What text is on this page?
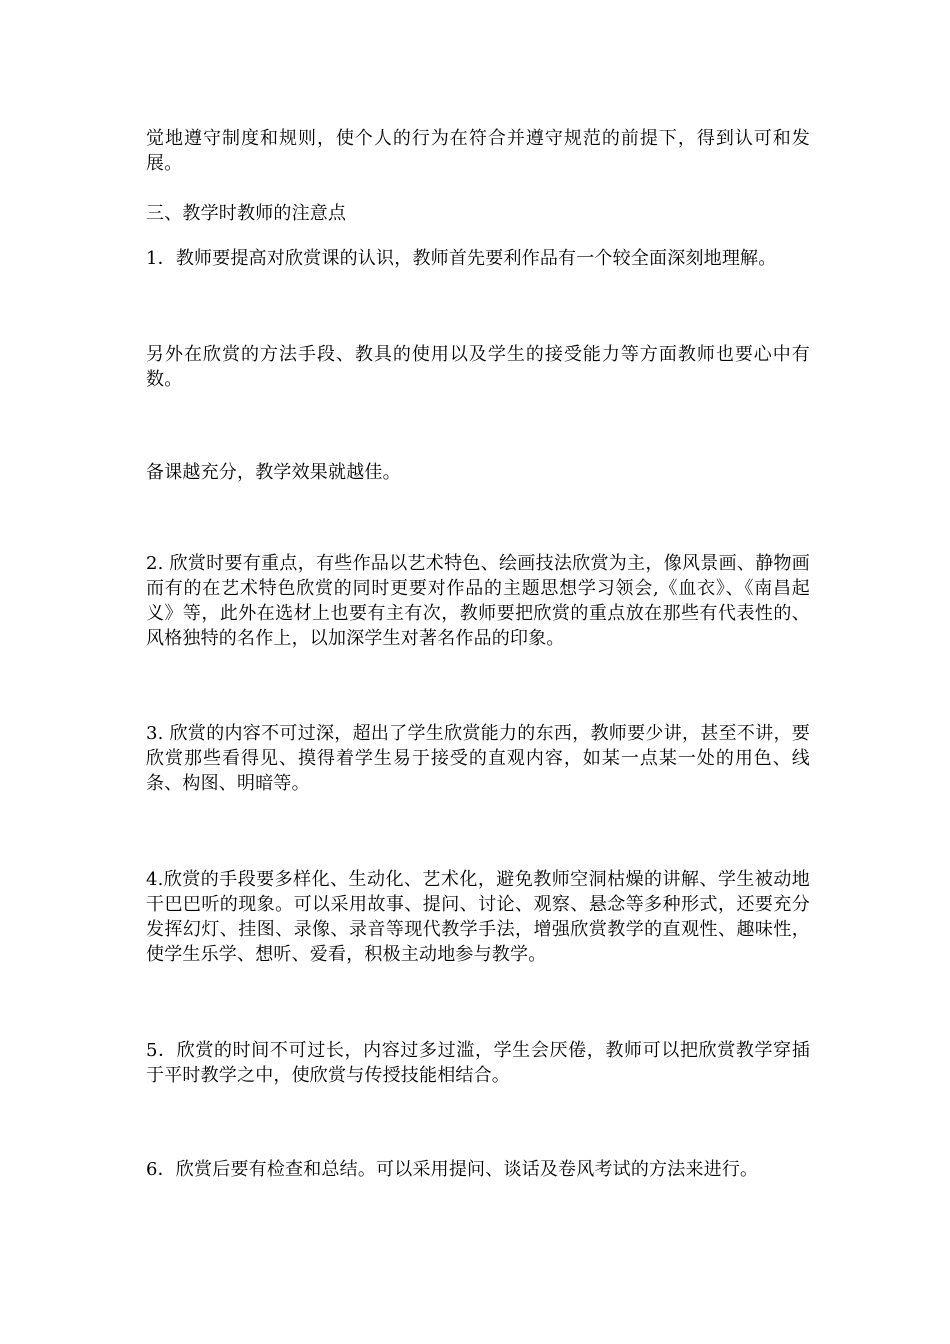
觉地遵守制度和规则，使个人的行为在符合并遵守规范的前提下，得到认可和发展。

三、教学时教师的注意点

1．教师要提高对欣赏课的认识，教师首先要利作品有一个较全面深刻地理解。

另外在欣赏的方法手段、教具的使用以及学生的接受能力等方面教师也要心中有数。

备课越充分，教学效果就越佳。

2. 欣赏时要有重点，有些作品以艺术特色、绘画技法欣赏为主，像风景画、静物画而有的在艺术特色欣赏的同时更要对作品的主题思想学习领会,《血衣》、《南昌起义》等，此外在选材上也要有主有次，教师要把欣赏的重点放在那些有代表性的、风格独特的名作上，以加深学生对著名作品的印象。

3. 欣赏的内容不可过深，超出了学生欣赏能力的东西，教师要少讲，甚至不讲，要欣赏那些看得见、摸得着学生易于接受的直观内容，如某一点某一处的用色、线条、构图、明暗等。

4.欣赏的手段要多样化、生动化、艺术化，避免教师空洞枯燥的讲解、学生被动地干巴巴听的现象。可以采用故事、提问、讨论、观察、悬念等多种形式，还要充分发挥幻灯、挂图、录像、录音等现代教学手法，增强欣赏教学的直观性、趣味性，使学生乐学、想听、爱看，积极主动地参与教学。

5．欣赏的时间不可过长，内容过多过滥，学生会厌倦，教师可以把欣赏教学穿插于平时教学之中，使欣赏与传授技能相结合。

6．欣赏后要有检查和总结。可以采用提问、谈话及卷风考试的方法来进行。
